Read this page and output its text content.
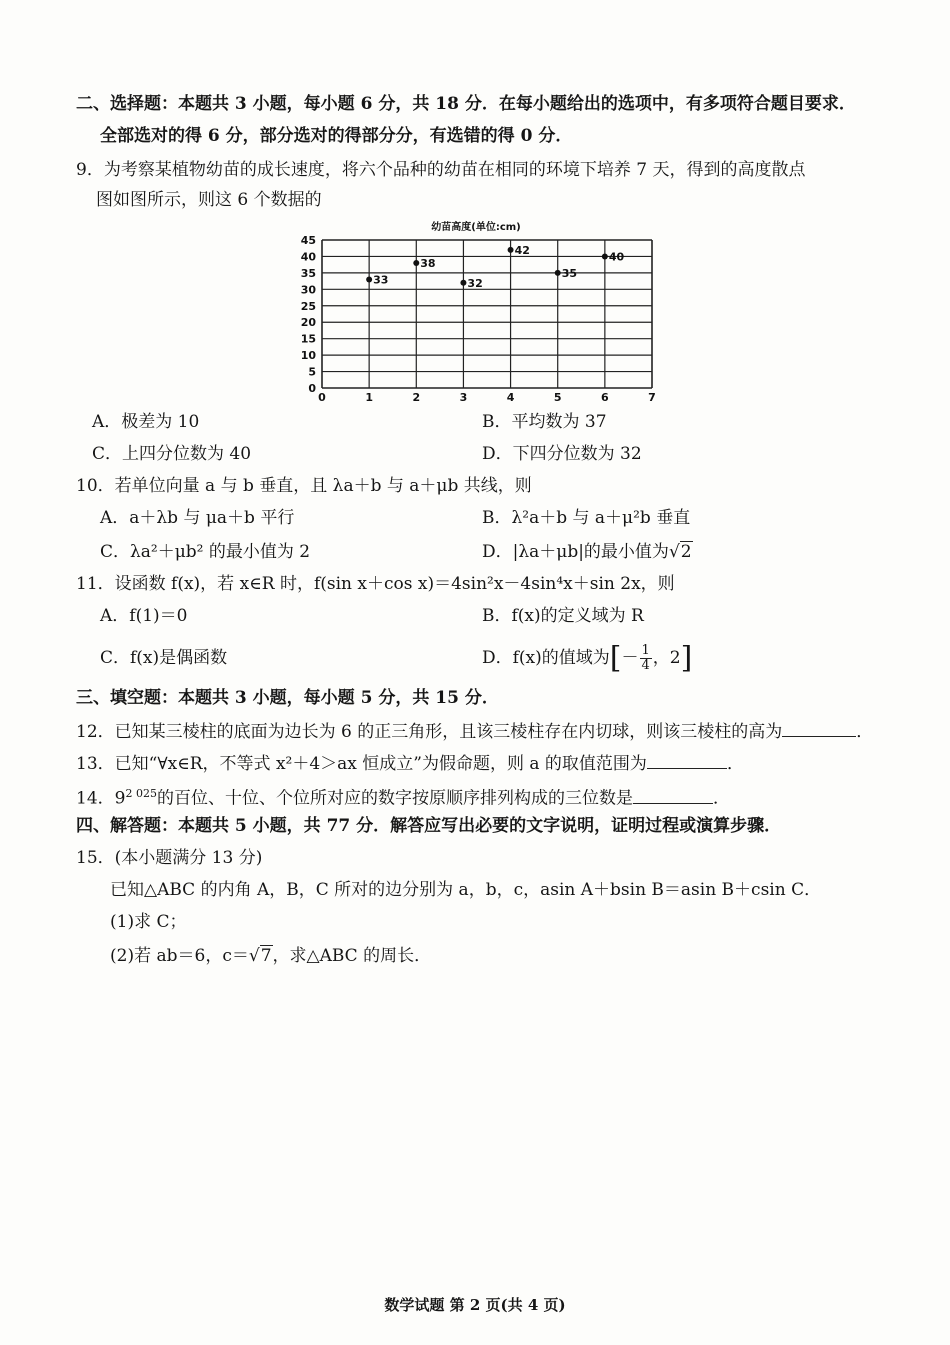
二、选择题：本题共 3 小题，每小题 6 分，共 18 分．在每小题给出的选项中，有多项符合题目要求．
全部选对的得 6 分，部分选对的得部分分，有选错的得 0 分．
9．为考察某植物幼苗的成长速度，将六个品种的幼苗在相同的环境下培养 7 天，得到的高度散点
图如图所示，则这 6 个数据的
幼苗高度(单位:cm)
0
5
10
15
20
25
30
35
40
45
0	1	2	3	4	5	6	7
33
38
32
42
35
40
A．极差为 10	B．平均数为 37
C．上四分位数为 40	D．下四分位数为 32
10．若单位向量 a 与 b 垂直，且 λa＋b 与 a＋μb 共线，则
A．a＋λb 与 μa＋b 平行	B．λ²a＋b 与 a＋μ²b 垂直
C．λa²＋μb² 的最小值为 2	D．|λa＋μb|的最小值为√2
11．设函数 f(x)，若 x∈R 时，f(sin x＋cos x)＝4sin²x－4sin⁴x＋sin 2x，则
A．f(1)＝0	B．f(x)的定义域为 R
C．f(x)是偶函数	D．f(x)的值域为[－ $\frac{1}{4}$ ，2]
三、填空题：本题共 3 小题，每小题 5 分，共 15 分．
12．已知某三棱柱的底面为边长为 6 的正三角形，且该三棱柱存在内切球，则该三棱柱的高为	．
13．已知“∀x∈R，不等式 x²＋4＞ax 恒成立”为假命题，则 a 的取值范围为	．
14．$9^{2 025}$的百位、十位、个位所对应的数字按原顺序排列构成的三位数是	．
四、解答题：本题共 5 小题，共 77 分．解答应写出必要的文字说明，证明过程或演算步骤．
15．(本小题满分 13 分)
已知△ABC 的内角 A，B，C 所对的边分别为 a，b，c，asin A＋bsin B＝asin B＋csin C．
(1)求 C；
(2)若 ab＝6，c＝√7，求△ABC 的周长．
数学试题 第 2 页(共 4 页)
